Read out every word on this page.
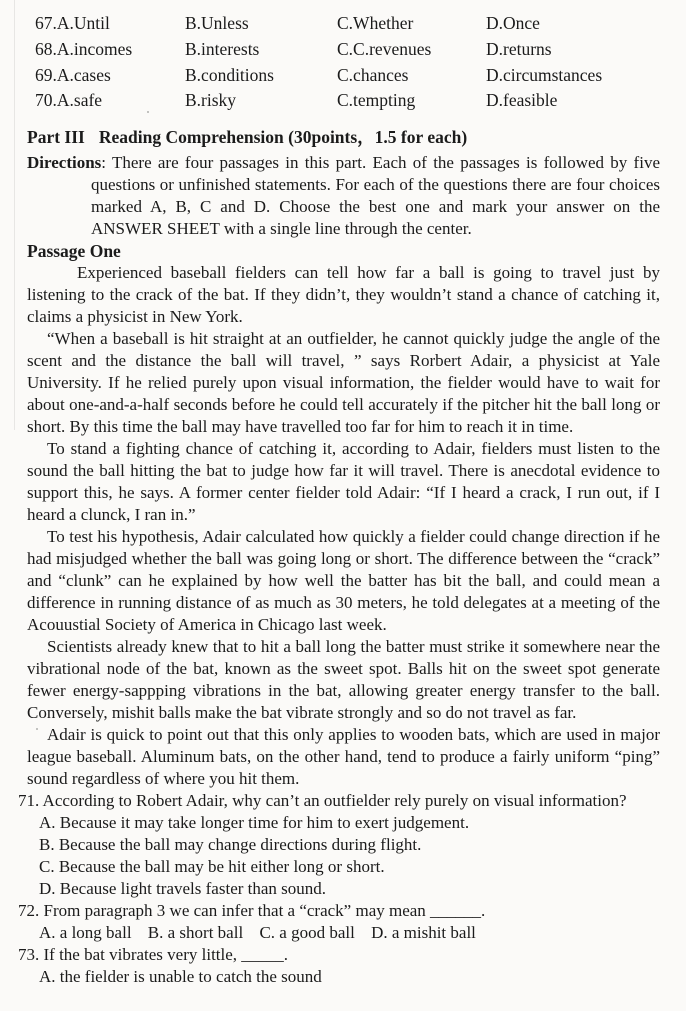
67.A.Until	B.Unless	C.Whether	D.Once
68.A.incomes	B.interests	C.C.revenues	D.returns
69.A.cases	B.conditions	C.chances	D.circumstances
70.A.safe	B.risky	C.tempting	D.feasible
Part III Reading Comprehension (30points，1.5 for each)

Directions: There are four passages in this part. Each of the passages is followed by five questions or unfinished statements. For each of the questions there are four choices marked A, B, C and D. Choose the best one and mark your answer on the ANSWER SHEET with a single line through the center.

Passage One

Experienced baseball fielders can tell how far a ball is going to travel just by listening to the crack of the bat. If they didn’t, they wouldn’t stand a chance of catching it, claims a physicist in New York.

“When a baseball is hit straight at an outfielder, he cannot quickly judge the angle of the scent and the distance the ball will travel, ” says Rorbert Adair, a physicist at Yale University. If he relied purely upon visual information, the fielder would have to wait for about one-and-a-half seconds before he could tell accurately if the pitcher hit the ball long or short. By this time the ball may have travelled too far for him to reach it in time.

To stand a fighting chance of catching it, according to Adair, fielders must listen to the sound the ball hitting the bat to judge how far it will travel. There is anecdotal evidence to support this, he says. A former center fielder told Adair: “If I heard a crack, I run out, if I heard a clunck, I ran in.”

To test his hypothesis, Adair calculated how quickly a fielder could change direction if he had misjudged whether the ball was going long or short. The difference between the “crack” and “clunk” can he explained by how well the batter has bit the ball, and could mean a difference in running distance of as much as 30 meters, he told delegates at a meeting of the Acouustial Society of America in Chicago last week.

Scientists already knew that to hit a ball long the batter must strike it somewhere near the vibrational node of the bat, known as the sweet spot. Balls hit on the sweet spot generate fewer energy-sappping vibrations in the bat, allowing greater energy transfer to the ball. Conversely, mishit balls make the bat vibrate strongly and so do not travel as far.

Adair is quick to point out that this only applies to wooden bats, which are used in major league baseball. Aluminum bats, on the other hand, tend to produce a fairly uniform “ping” sound regardless of where you hit them.

71. According to Robert Adair, why can’t an outfielder rely purely on visual information?

A. Because it may take longer time for him to exert judgement.

B. Because the ball may change directions during flight.

C. Because the ball may be hit either long or short.

D. Because light travels faster than sound.

72. From paragraph 3 we can infer that a “crack” may mean ______.

A. a long ball B. a short ball C. a good ball D. a mishit ball

73. If the bat vibrates very little, _____.

A. the fielder is unable to catch the sound
